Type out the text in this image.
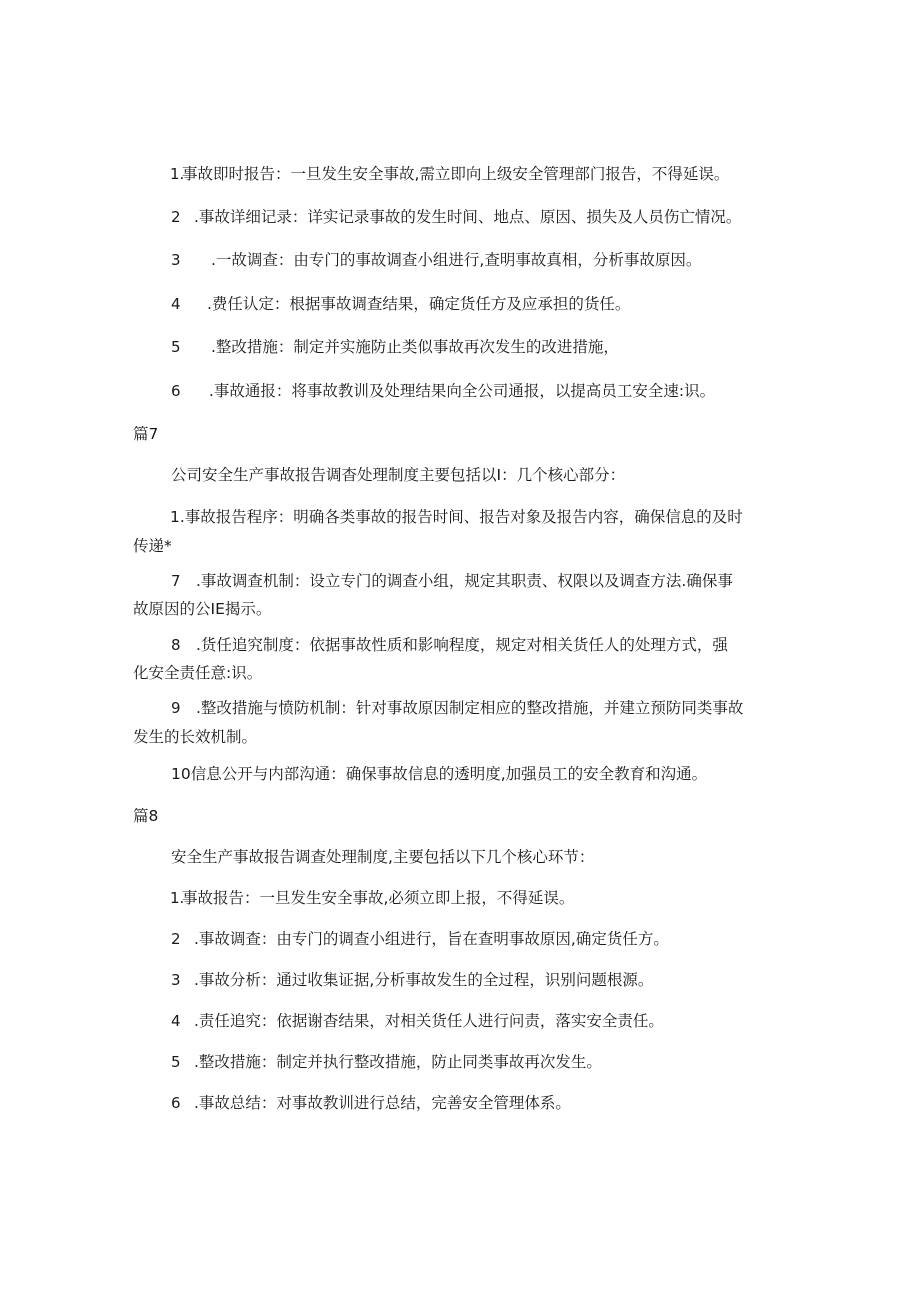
1.
事故即时报告：一旦发生安全事故,需立即向上级安全管理部门报告，不得延误。
2 .事故详细记录：详实记录事故的发生时间、地点、原因、损失及人员伤亡情况。
3 .一故调查：由专门的事故调查小组进行,查明事故真相，分析事故原因。
4 .费任认定：根据事故调查结果，确定货任方及应承担的货任。
5 .整改措施：制定并实施防止类似事故再次发生的改进措施，
6 .事故通报：将事故教训及处理结果向全公司通报，以提高员工安全速:识。
篇7
公司安全生产事故报告调杳处理制度主要包括以I：几个核心部分：
1.事故报告程序：明确各类事故的报告时间、报告对象及报告内容，确保信息的及时
传递*
7 .事故调查机制：设立专门的调查小组，规定其职责、权限以及调查方法.确保事
故原因的公IE揭示。
8 .货任追究制度：依据事故性质和影响程度，规定对相关货任人的处理方式，强
化安全责任意:识。
9 .整改措施与愤防机制：针对事故原因制定相应的整改措施，并建立预防同类事故
发生的长效机制。
10信息公开与内部沟通：确保事故信息的透明度,加强员工的安全教育和沟通。
篇8
安全生产事故报告调查处理制度,主要包括以下几个核心环节：
1.
事故报告：一旦发生安全事故,必须立即上报，不得延误。
2 .事故调查：由专门的调查小组进行，旨在查明事故原因,确定货任方。
3 .事故分析：通过收集证据,分析事故发生的全过程，识别问题根源。
4 .责任追究：依据谢杳结果，对相关货任人进行问责，落实安全责任。
5 .整改措施：制定并执行整改措施，防止同类事故再次发生。
6 .事故总结：对事故教训进行总结，完善安全管理体系。
